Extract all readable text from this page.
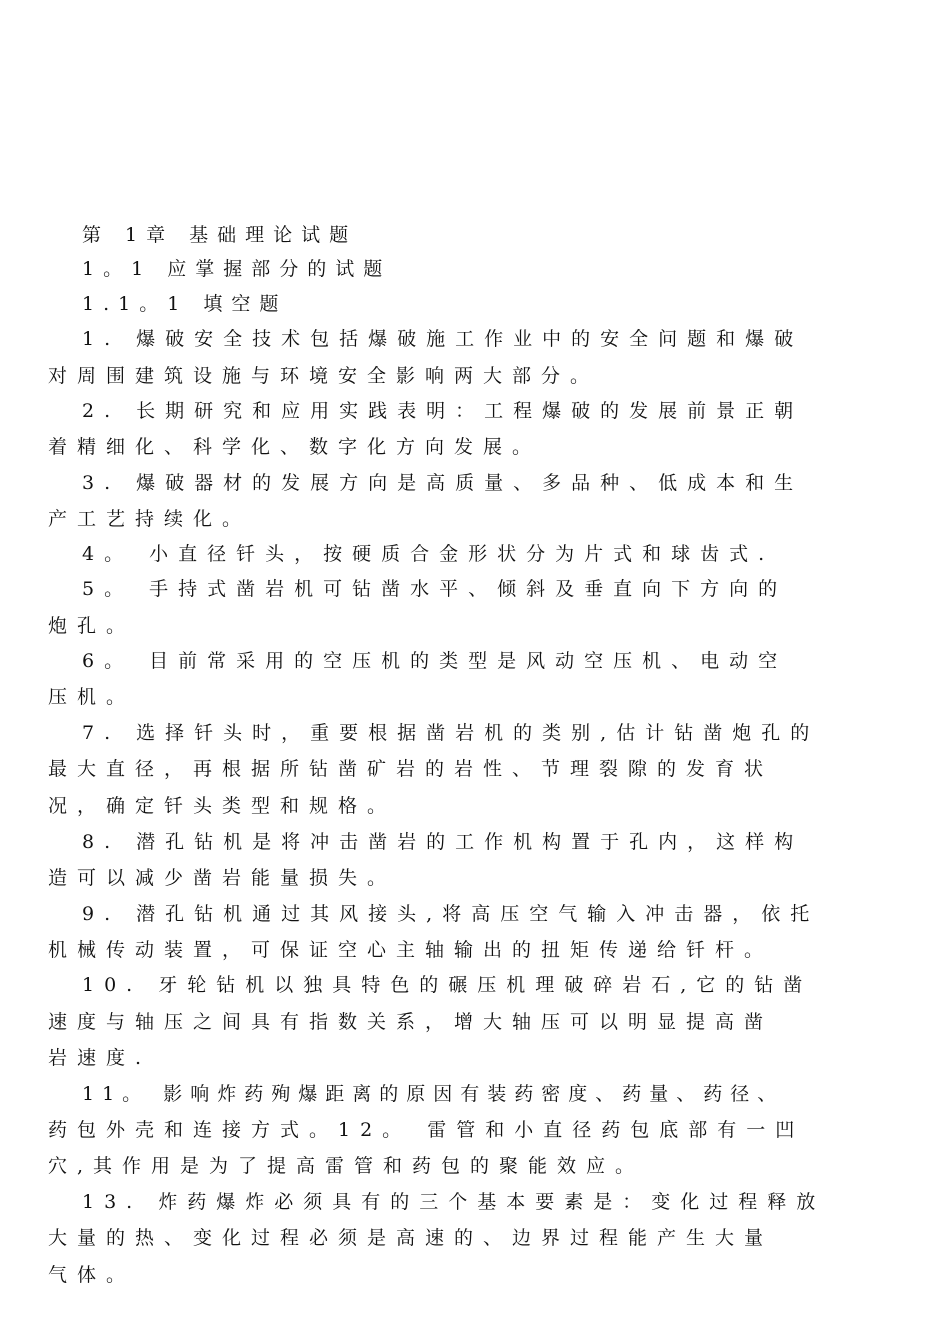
第 1章 基础理论试题
1。1 应掌握部分的试题
1.1。1 填空题
1. 爆破安全技术包括爆破施工作业中的安全问题和爆破
对周围建筑设施与环境安全影响两大部分。
2. 长期研究和应用实践表明：工程爆破的发展前景正朝
着精细化、科学化、数字化方向发展。
3. 爆破器材的发展方向是高质量、多品种、低成本和生
产工艺持续化。
4。 小直径钎头，按硬质合金形状分为片式和球齿式.
5。 手持式凿岩机可钻凿水平、倾斜及垂直向下方向的
炮孔。
6。 目前常采用的空压机的类型是风动空压机、电动空
压机。
7. 选择钎头时，重要根据凿岩机的类别,估计钻凿炮孔的
最大直径，再根据所钻凿矿岩的岩性、节理裂隙的发育状
况，确定钎头类型和规格。
8. 潜孔钻机是将冲击凿岩的工作机构置于孔内，这样构
造可以减少凿岩能量损失。
9. 潜孔钻机通过其风接头,将高压空气输入冲击器，依托
机械传动装置，可保证空心主轴输出的扭矩传递给钎杆。
10. 牙轮钻机以独具特色的碾压机理破碎岩石,它的钻凿
速度与轴压之间具有指数关系，增大轴压可以明显提高凿
岩速度.
11。 影响炸药殉爆距离的原因有装药密度、药量、药径、
药包外壳和连接方式。12。 雷管和小直径药包底部有一凹
穴,其作用是为了提高雷管和药包的聚能效应。
13. 炸药爆炸必须具有的三个基本要素是：变化过程释放
大量的热、变化过程必须是高速的、边界过程能产生大量
气体。
